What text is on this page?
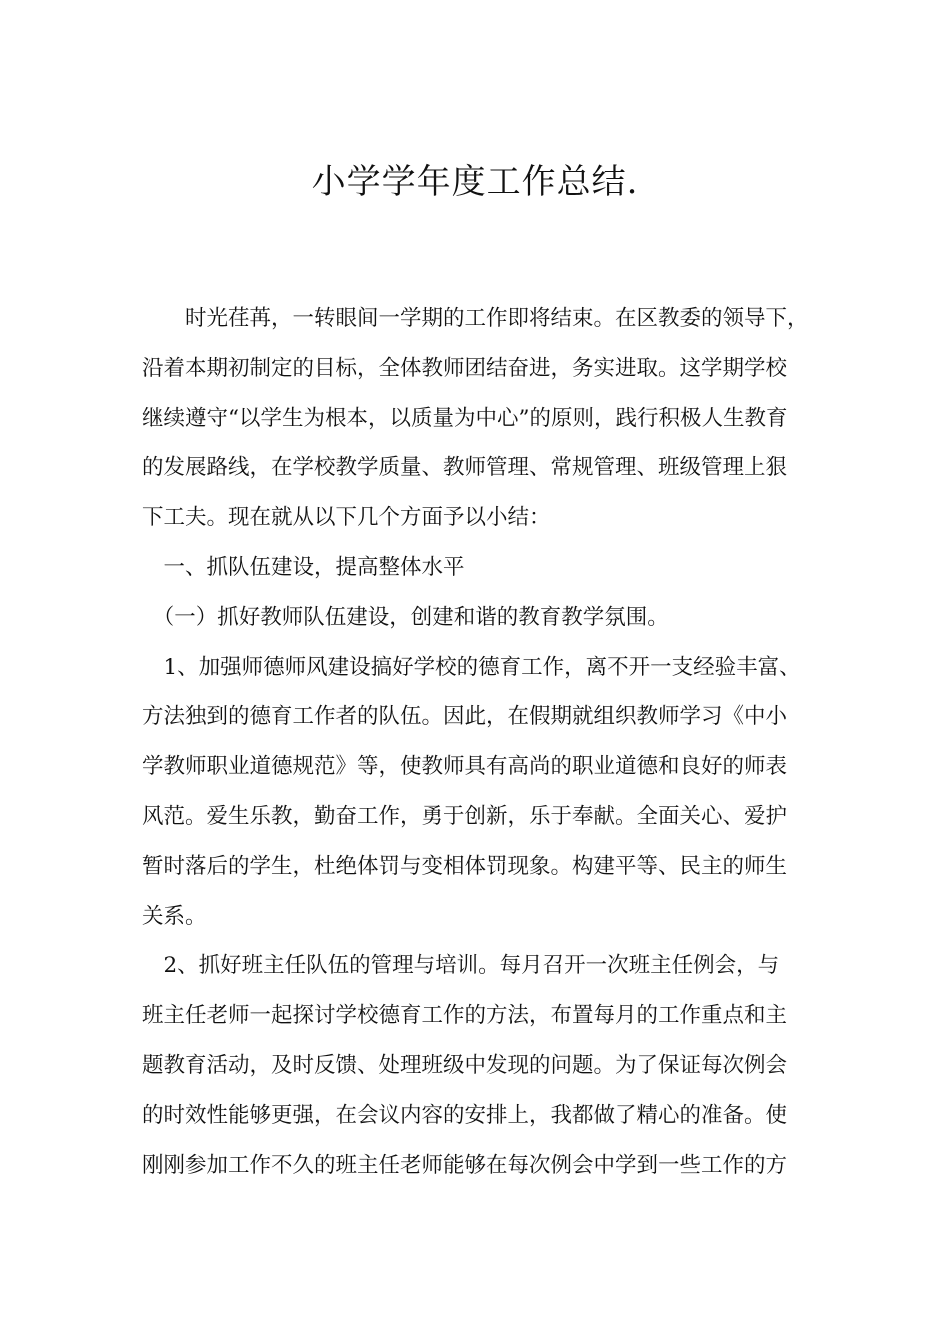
小学学年度工作总结.
　　时光荏苒，一转眼间一学期的工作即将结束。在区教委的领导下，
沿着本期初制定的目标，全体教师团结奋进，务实进取。这学期学校
继续遵守“以学生为根本，以质量为中心”的原则，践行积极人生教育
的发展路线，在学校教学质量、教师管理、常规管理、班级管理上狠
下工夫。现在就从以下几个方面予以小结：
　一、抓队伍建设，提高整体水平
　（一）抓好教师队伍建设，创建和谐的教育教学氛围。
　1、加强师德师风建设搞好学校的德育工作，离不开一支经验丰富、
方法独到的德育工作者的队伍。因此，在假期就组织教师学习《中小
学教师职业道德规范》等，使教师具有高尚的职业道德和良好的师表
风范。爱生乐教，勤奋工作，勇于创新，乐于奉献。全面关心、爱护
暂时落后的学生，杜绝体罚与变相体罚现象。构建平等、民主的师生
关系。
　2、抓好班主任队伍的管理与培训。每月召开一次班主任例会，与
班主任老师一起探讨学校德育工作的方法，布置每月的工作重点和主
题教育活动，及时反馈、处理班级中发现的问题。为了保证每次例会
的时效性能够更强，在会议内容的安排上，我都做了精心的准备。使
刚刚参加工作不久的班主任老师能够在每次例会中学到一些工作的方
